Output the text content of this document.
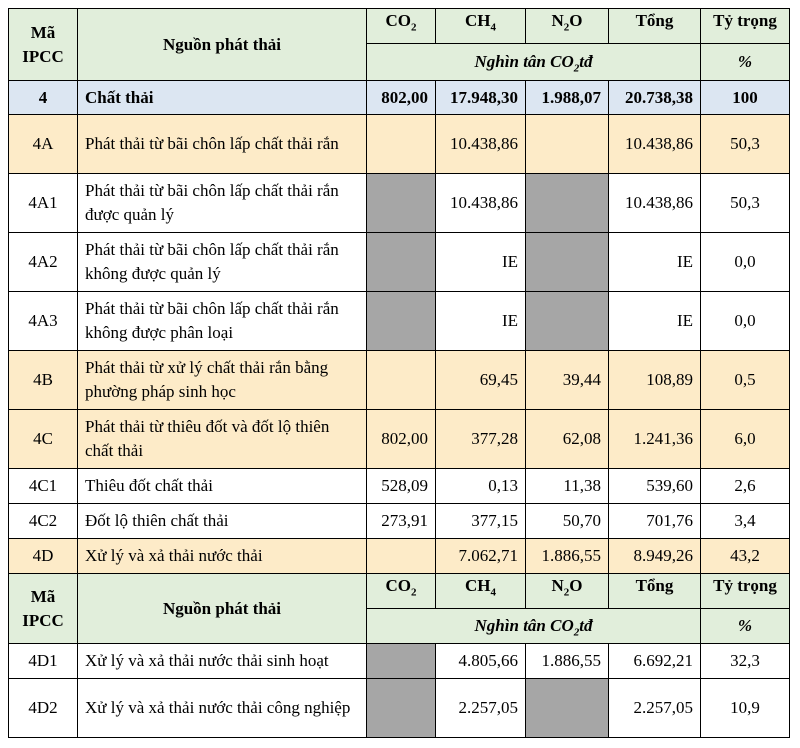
Mã
IPCC	Nguồn phát thải	$CO_2$	$CH_4$	$N_2O$	Tổng	Tỷ trọng
		Nghìn tân $CO_2tđ$				%
4	Chất thải	802,00	17.948,30	1.988,07	20.738,38	100
4A	Phát thải từ bãi chôn lấp chất thải rắn		10.438,86		10.438,86	50,3
4A1	Phát thải từ bãi chôn lấp chất thải rắn được quản lý		10.438,86		10.438,86	50,3
4A2	Phát thải từ bãi chôn lấp chất thải rắn không được quản lý		IE		IE	0,0
4A3	Phát thải từ bãi chôn lấp chất thải rắn không được phân loại		IE		IE	0,0
4B	Phát thải từ xử lý chất thải rắn bằng phường pháp sinh học		69,45	39,44	108,89	0,5
4C	Phát thải từ thiêu đốt và đốt lộ thiên chất thải	802,00	377,28	62,08	1.241,36	6,0
4C1	Thiêu đốt chất thải	528,09	0,13	11,38	539,60	2,6
4C2	Đốt lộ thiên chất thải	273,91	377,15	50,70	701,76	3,4
4D	Xử lý và xả thải nước thải		7.062,71	1.886,55	8.949,26	43,2
Mã
IPCC	Nguồn phát thải	$CO_2$	$CH_4$	$N_2O$	Tổng	Tỷ trọng
		Nghìn tân $CO_2tđ$				%
4D1	Xử lý và xả thải nước thải sinh hoạt		4.805,66	1.886,55	6.692,21	32,3
4D2	Xử lý và xả thải nước thải công nghiệp		2.257,05		2.257,05	10,9
